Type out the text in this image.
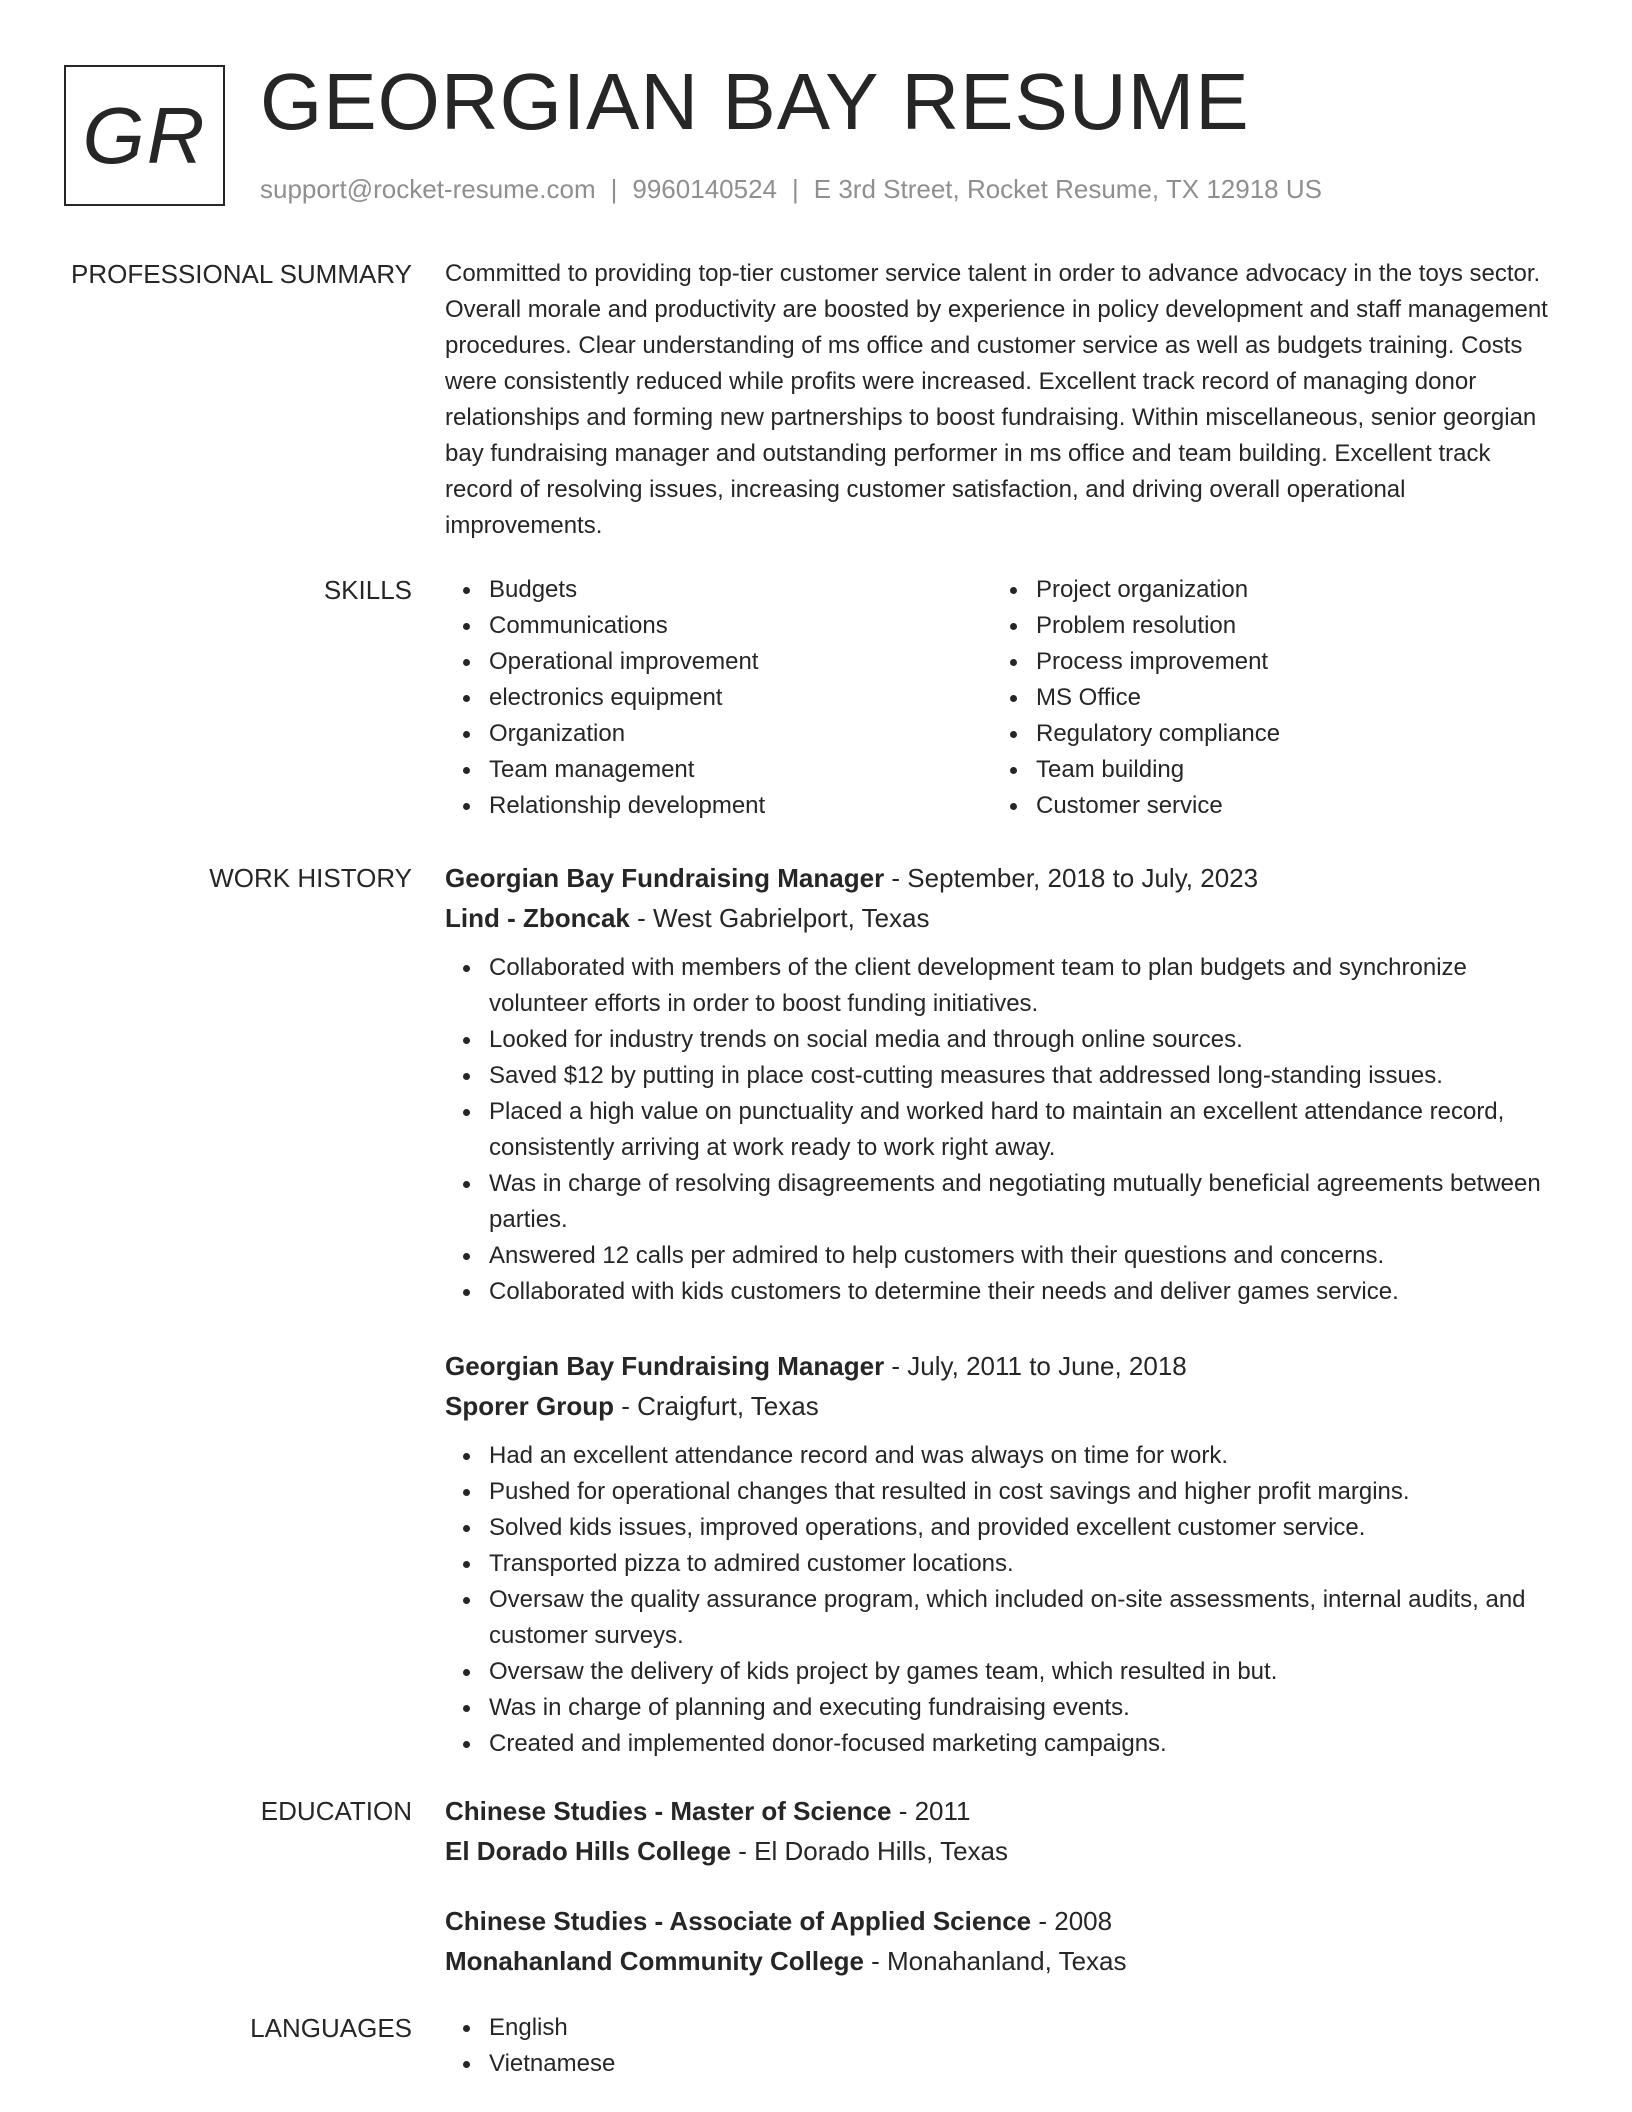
GR GEORGIAN BAY RESUME
support@rocket-resume.com | 9960140524 | E 3rd Street, Rocket Resume, TX 12918 US
PROFESSIONAL SUMMARY Committed to providing top-tier customer service talent in order to advance advocacy in the toys sector. Overall morale and productivity are boosted by experience in policy development and staff management procedures. Clear understanding of ms office and customer service as well as budgets training. Costs were consistently reduced while profits were increased. Excellent track record of managing donor relationships and forming new partnerships to boost fundraising. Within miscellaneous, senior georgian bay fundraising manager and outstanding performer in ms office and team building. Excellent track record of resolving issues, increasing customer satisfaction, and driving overall operational improvements.

SKILLS	Budgets
Communications
Operational improvement
electronics equipment
Organization
Team management
Relationship development
Project organization
Problem resolution
Process improvement
MS Office
Regulatory compliance
Team building
Customer service
WORK HISTORY Georgian Bay Fundraising Manager - September, 2018 to July, 2023
Lind - Zboncak - West Gabrielport, Texas
Collaborated with members of the client development team to plan budgets and synchronize volunteer efforts in order to boost funding initiatives.
Looked for industry trends on social media and through online sources.
Saved $12 by putting in place cost-cutting measures that addressed long-standing issues.
Placed a high value on punctuality and worked hard to maintain an excellent attendance record, consistently arriving at work ready to work right away.
Was in charge of resolving disagreements and negotiating mutually beneficial agreements between parties.
Answered 12 calls per admired to help customers with their questions and concerns.
Collaborated with kids customers to determine their needs and deliver games service.
Georgian Bay Fundraising Manager - July, 2011 to June, 2018
Sporer Group - Craigfurt, Texas
Had an excellent attendance record and was always on time for work.
Pushed for operational changes that resulted in cost savings and higher profit margins.
Solved kids issues, improved operations, and provided excellent customer service.
Transported pizza to admired customer locations.
Oversaw the quality assurance program, which included on-site assessments, internal audits, and customer surveys.
Oversaw the delivery of kids project by games team, which resulted in but.
Was in charge of planning and executing fundraising events.
Created and implemented donor-focused marketing campaigns.
EDUCATION Chinese Studies - Master of Science - 2011
El Dorado Hills College - El Dorado Hills, Texas
Chinese Studies - Associate of Applied Science - 2008
Monahanland Community College - Monahanland, Texas
LANGUAGES	English
Vietnamese
